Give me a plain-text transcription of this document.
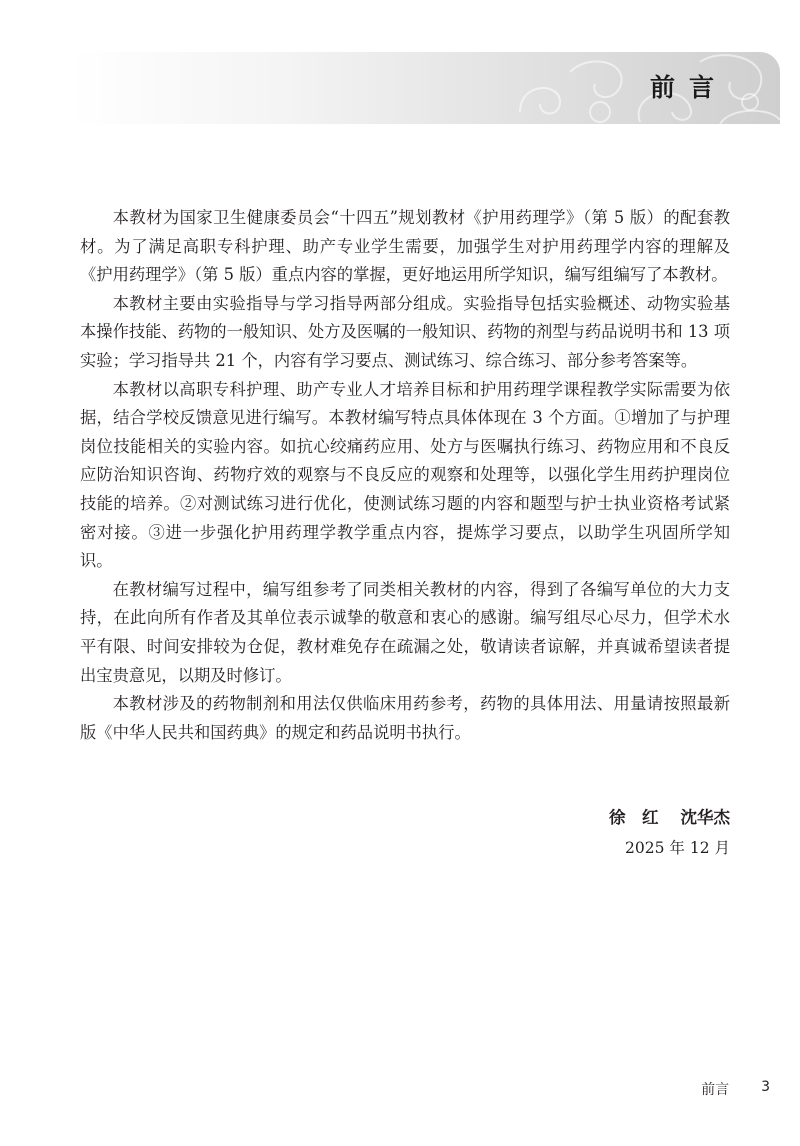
前言

本教材为国家卫生健康委员会“十四五”规划教材《护用药理学》（第 5 版）的配套教材。为了满足高职专科护理、助产专业学生需要，加强学生对护用药理学内容的理解及《护用药理学》（第 5 版）重点内容的掌握，更好地运用所学知识，编写组编写了本教材。

本教材主要由实验指导与学习指导两部分组成。实验指导包括实验概述、动物实验基本操作技能、药物的一般知识、处方及医嘱的一般知识、药物的剂型与药品说明书和 13 项实验；学习指导共 21 个，内容有学习要点、测试练习、综合练习、部分参考答案等。

本教材以高职专科护理、助产专业人才培养目标和护用药理学课程教学实际需要为依据，结合学校反馈意见进行编写。本教材编写特点具体体现在 3 个方面。①增加了与护理岗位技能相关的实验内容。如抗心绞痛药应用、处方与医嘱执行练习、药物应用和不良反应防治知识咨询、药物疗效的观察与不良反应的观察和处理等，以强化学生用药护理岗位技能的培养。②对测试练习进行优化，使测试练习题的内容和题型与护士执业资格考试紧密对接。③进一步强化护用药理学教学重点内容，提炼学习要点，以助学生巩固所学知识。

在教材编写过程中，编写组参考了同类相关教材的内容，得到了各编写单位的大力支持，在此向所有作者及其单位表示诚挚的敬意和衷心的感谢。编写组尽心尽力，但学术水平有限、时间安排较为仓促，教材难免存在疏漏之处，敬请读者谅解，并真诚希望读者提出宝贵意见，以期及时修订。

本教材涉及的药物制剂和用法仅供临床用药参考，药物的具体用法、用量请按照最新版《中华人民共和国药典》的规定和药品说明书执行。

徐　红 沈华杰
2025 年 12 月
前言 3
